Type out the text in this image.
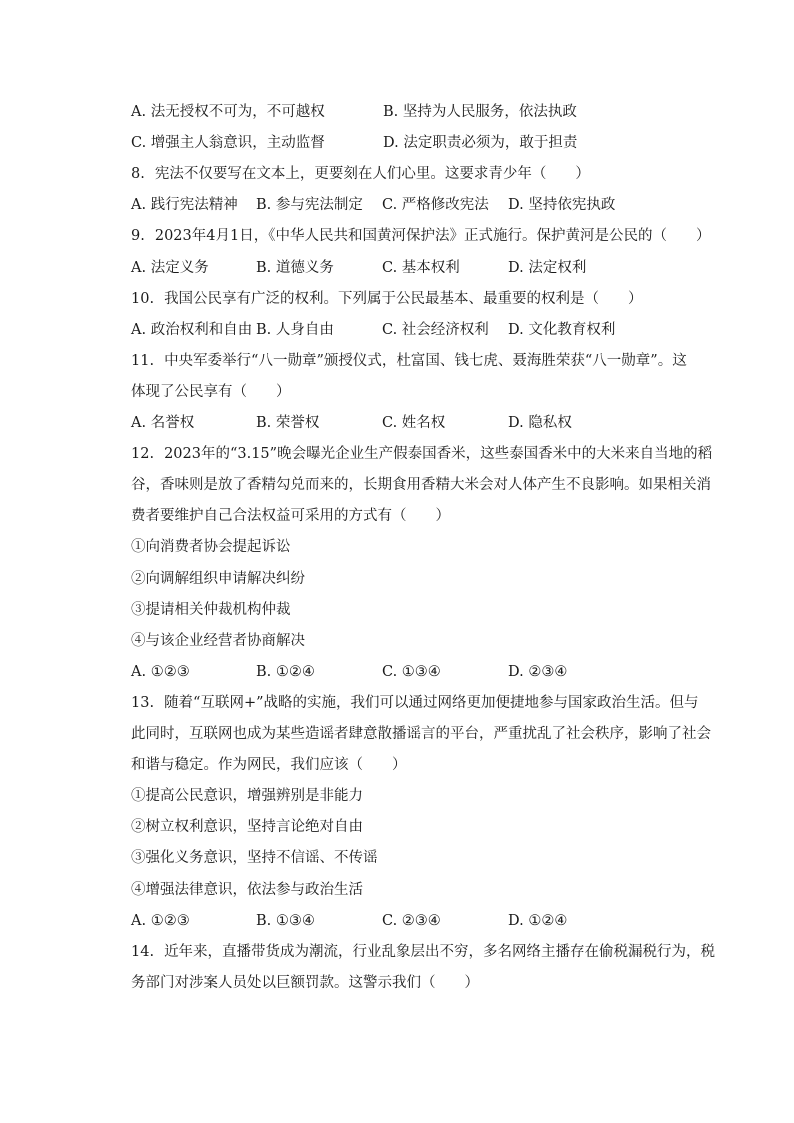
A. 法无授权不可为，不可越权	B. 坚持为人民服务，依法执政
C. 增强主人翁意识，主动监督	D. 法定职责必须为，敢于担责
8. 宪法不仅要写在文本上，更要刻在人们心里。这要求青少年（　　）
A. 践行宪法精神	B. 参与宪法制定	C. 严格修改宪法	D. 坚持依宪执政
9. 2023年4月1日，《中华人民共和国黄河保护法》正式施行。保护黄河是公民的（　　）
A. 法定义务	B. 道德义务	C. 基本权利	D. 法定权利
10. 我国公民享有广泛的权利。下列属于公民最基本、最重要的权利是（　　）
A. 政治权利和自由 B. 人身自由	C. 社会经济权利	D. 文化教育权利
11. 中央军委举行“八一勋章”颁授仪式，杜富国、钱七虎、聂海胜荣获“八一勋章”。这
体现了公民享有（　　）
A. 名誉权	B. 荣誉权	C. 姓名权	D. 隐私权
12. 2023年的“3.15”晚会曝光企业生产假泰国香米，这些泰国香米中的大米来自当地的稻
谷，香味则是放了香精勾兑而来的，长期食用香精大米会对人体产生不良影响。如果相关消
费者要维护自己合法权益可采用的方式有（　　）
①向消费者协会提起诉讼
②向调解组织申请解决纠纷
③提请相关仲裁机构仲裁
④与该企业经营者协商解决
A. ①②③	B. ①②④	C. ①③④	D. ②③④
13. 随着“互联网+”战略的实施，我们可以通过网络更加便捷地参与国家政治生活。但与
此同时，互联网也成为某些造谣者肆意散播谣言的平台，严重扰乱了社会秩序，影响了社会
和谐与稳定。作为网民，我们应该（　　）
①提高公民意识，增强辨别是非能力
②树立权利意识，坚持言论绝对自由
③强化义务意识，坚持不信谣、不传谣
④增强法律意识，依法参与政治生活
A. ①②③	B. ①③④	C. ②③④	D. ①②④
14. 近年来，直播带货成为潮流，行业乱象层出不穷，多名网络主播存在偷税漏税行为，税
务部门对涉案人员处以巨额罚款。这警示我们（　　）
